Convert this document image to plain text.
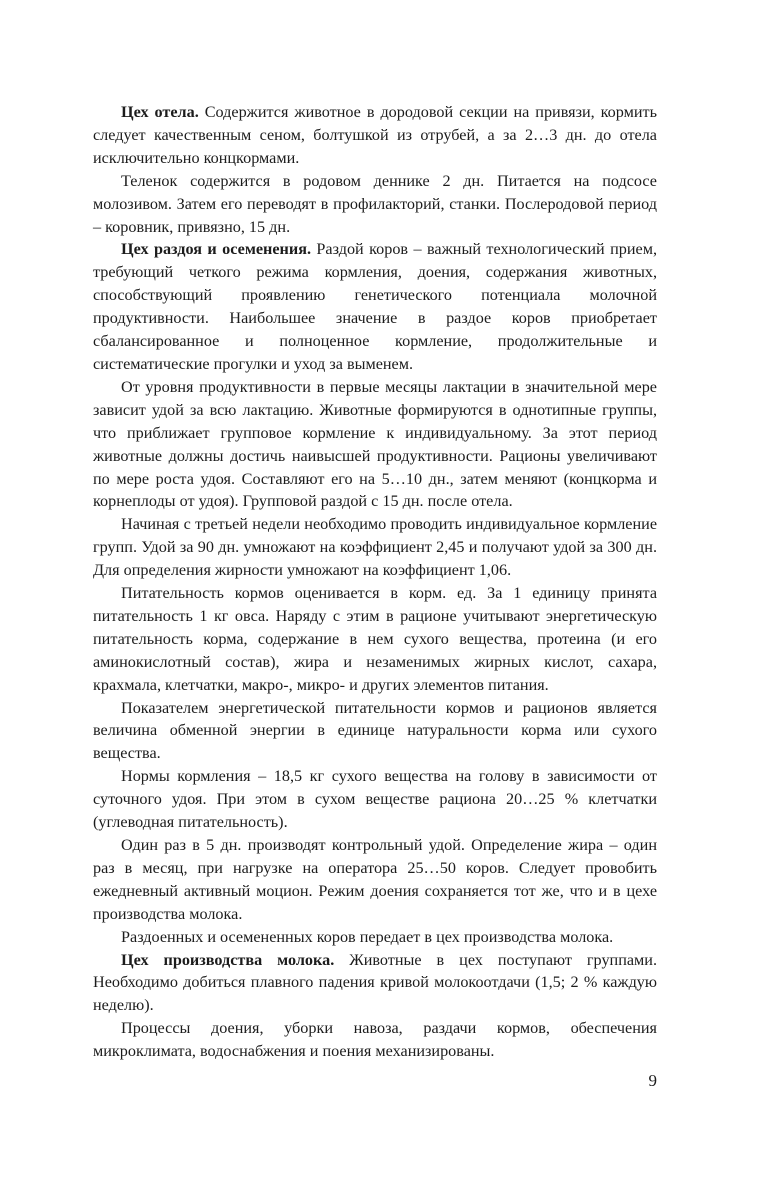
Цех отела. Содержится животное в дородовой секции на привязи, кормить следует качественным сеном, болтушкой из отрубей, а за 2…3 дн. до отела исключительно концкормами.

Теленок содержится в родовом деннике 2 дн. Питается на подсосе молозивом. Затем его переводят в профилакторий, станки. Послеродовой период – коровник, привязно, 15 дн.

Цех раздоя и осеменения. Раздой коров – важный технологический прием, требующий четкого режима кормления, доения, содержания животных, способствующий проявлению генетического потенциала молочной продуктивности. Наибольшее значение в раздое коров приобретает сбалансированное и полноценное кормление, продолжительные и систематические прогулки и уход за выменем.

От уровня продуктивности в первые месяцы лактации в значительной мере зависит удой за всю лактацию. Животные формируются в однотипные группы, что приближает групповое кормление к индивидуальному. За этот период животные должны достичь наивысшей продуктивности. Рационы увеличивают по мере роста удоя. Составляют его на 5…10 дн., затем меняют (концкорма и корнеплоды от удоя). Групповой раздой с 15 дн. после отела.

Начиная с третьей недели необходимо проводить индивидуальное кормление групп. Удой за 90 дн. умножают на коэффициент 2,45 и получают удой за 300 дн. Для определения жирности умножают на коэффициент 1,06.

Питательность кормов оценивается в корм. ед. За 1 единицу принята питательность 1 кг овса. Наряду с этим в рационе учитывают энергетическую питательность корма, содержание в нем сухого вещества, протеина (и его аминокислотный состав), жира и незаменимых жирных кислот, сахара, крахмала, клетчатки, макро-, микро- и других элементов питания.

Показателем энергетической питательности кормов и рационов является величина обменной энергии в единице натуральности корма или сухого вещества.

Нормы кормления – 18,5 кг сухого вещества на голову в зависимости от суточного удоя. При этом в сухом веществе рациона 20…25 % клетчатки (углеводная питательность).

Один раз в 5 дн. производят контрольный удой. Определение жира – один раз в месяц, при нагрузке на оператора 25…50 коров. Следует провобить ежедневный активный моцион. Режим доения сохраняется тот же, что и в цехе производства молока.

Раздоенных и осемененных коров передает в цех производства молока.

Цех производства молока. Животные в цех поступают группами. Необходимо добиться плавного падения кривой молокоотдачи (1,5; 2 % каждую неделю).

Процессы доения, уборки навоза, раздачи кормов, обеспечения микроклимата, водоснабжения и поения механизированы.

9
